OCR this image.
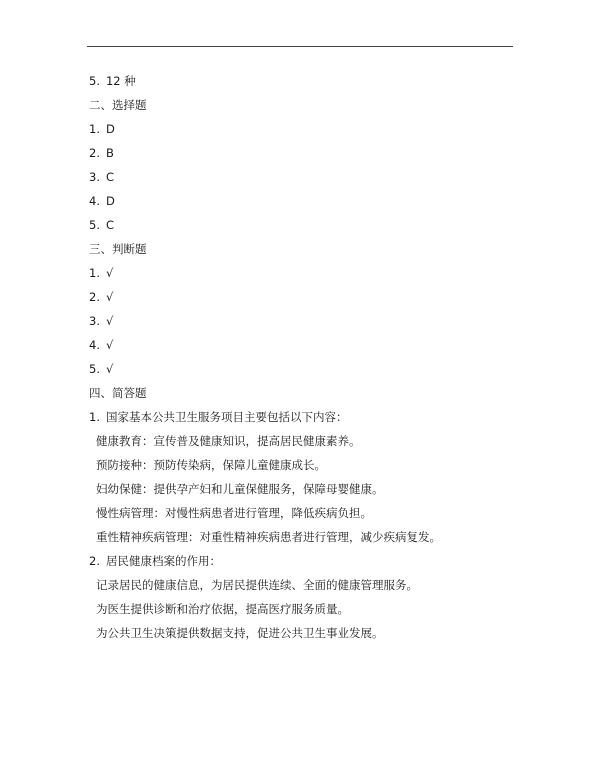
5. 12 种
二、选择题
1. D
2. B
3. C
4. D
5. C
三、判断题
1. √
2. √
3. √
4. √
5. √
四、简答题
1. 国家基本公共卫生服务项目主要包括以下内容：
健康教育：宣传普及健康知识，提高居民健康素养。
预防接种：预防传染病，保障儿童健康成长。
妇幼保健：提供孕产妇和儿童保健服务，保障母婴健康。
慢性病管理：对慢性病患者进行管理，降低疾病负担。
重性精神疾病管理：对重性精神疾病患者进行管理，减少疾病复发。
2. 居民健康档案的作用：
记录居民的健康信息，为居民提供连续、全面的健康管理服务。
为医生提供诊断和治疗依据，提高医疗服务质量。
为公共卫生决策提供数据支持，促进公共卫生事业发展。
